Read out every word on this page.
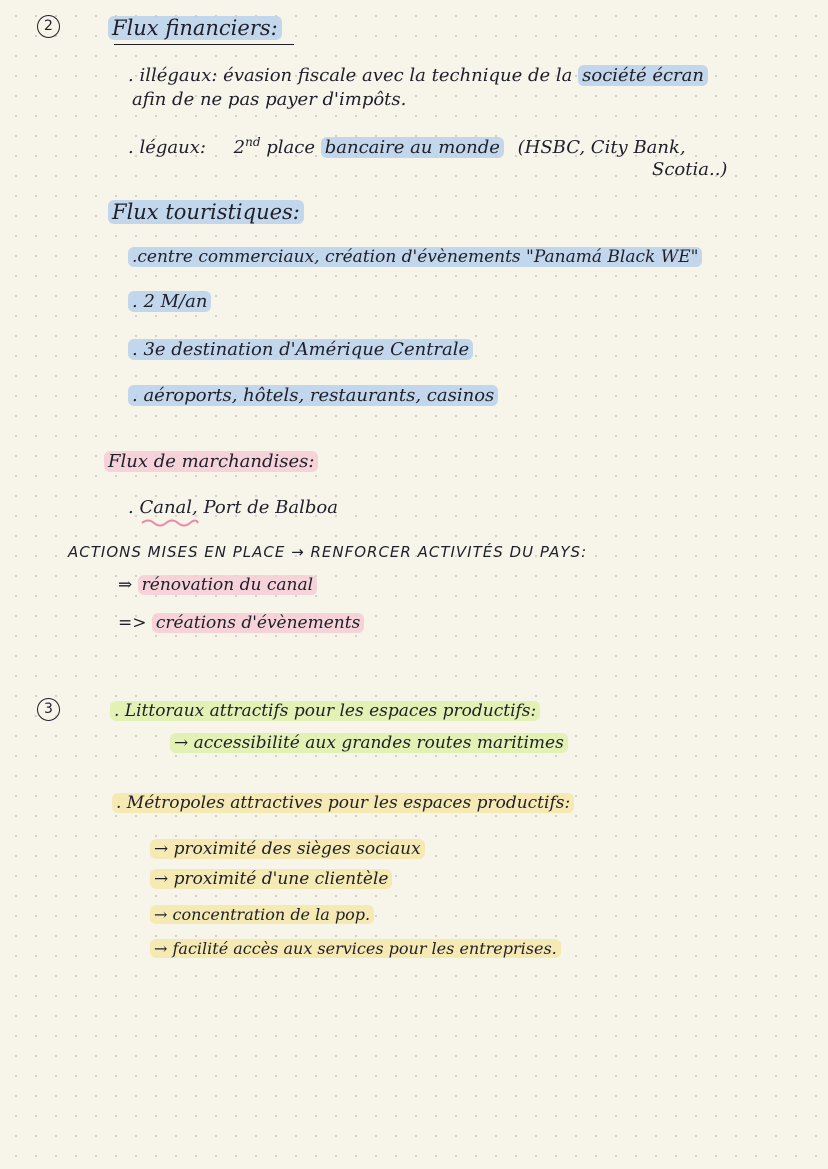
2	Flux financiers:
. illégaux: évasion fiscale avec la technique de la société écran
afin de ne pas payer d'impôts.
. légaux: 2nd place bancaire au monde (HSBC, City Bank,
Scotia..)
Flux touristiques:
.centre commerciaux, création d'évènements "Panamá Black WE"
. 2 M/an
. 3e destination d'Amérique Centrale
. aéroports, hôtels, restaurants, casinos
Flux de marchandises:
. Canal, Port de Balboa
ACTIONS MISES EN PLACE → RENFORCER ACTIVITÉS DU PAYS:
⇒ rénovation du canal
=> créations d'évènements
3	. Littoraux attractifs pour les espaces productifs:
→ accessibilité aux grandes routes maritimes
. Métropoles attractives pour les espaces productifs:
→ proximité des sièges sociaux
→ proximité d'une clientèle
→ concentration de la pop.
→ facilité accès aux services pour les entreprises.
